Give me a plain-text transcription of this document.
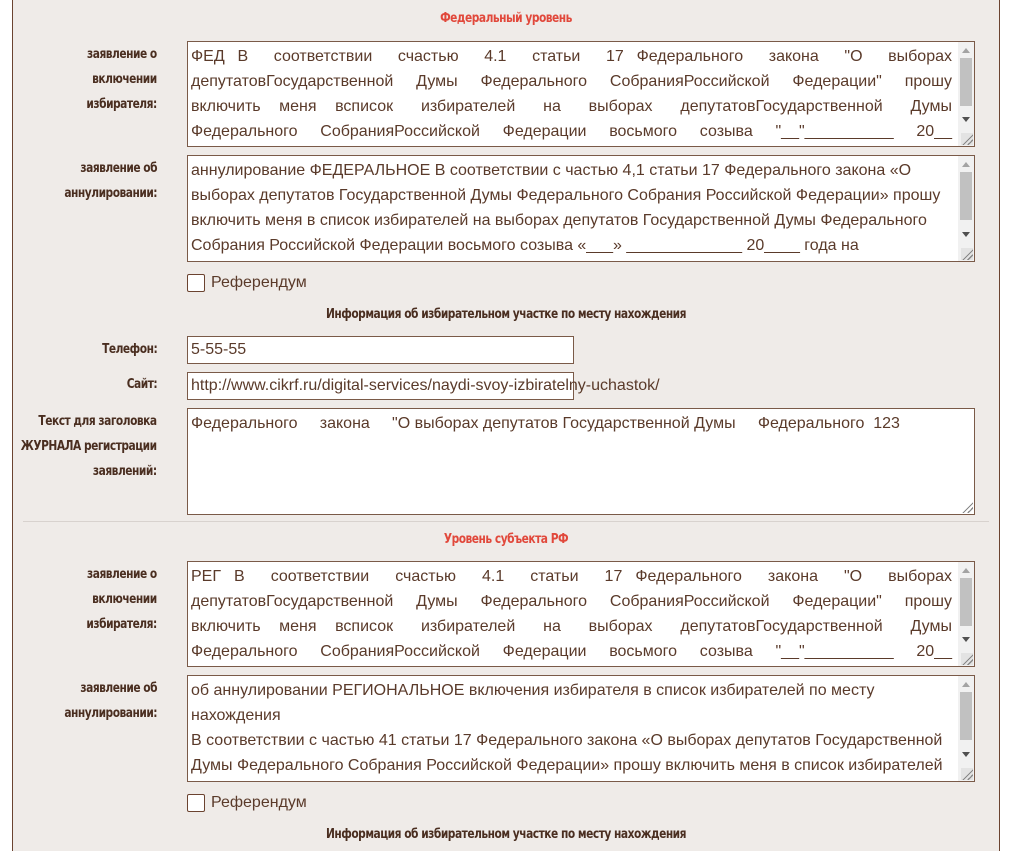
Федеральный уровень
заявление о
включении
избирателя:
ФЕД В  соответствии  счастью  4.1  статьи  17 Федерального  закона  "О  выборах депутатовГосударственной  Думы  Федерального  СобранияРоссийской  Федерации"  прошу включить  меня  всписок   избирателей   на   выборах   депутатовГосударственной   Думы Федерального  СобранияРоссийской  Федерации  восьмого  созыва  "__"__________  20__
заявление об
аннулировании:
аннулирование ФЕДЕРАЛЬНОЕ В соответствии с частью 4,1 статьи 17 Федерального закона «О выборах депутатов Государственной Думы Федерального Собрания Российской Федерации» прошу включить меня в список избирателей на выборах депутатов Государственной Думы Федерального Собрания Российской Федерации восьмого созыва «___» _____________ 20____ года на
Референдум
Информация об избирательном участке по месту нахождения
Телефон: 5-55-55
Сайт: http://www.cikrf.ru/digital-services/naydi-svoy-izbiratelny-uchastok/
Текст для заголовка
ЖУРНАЛА регистрации
заявлений:
Федерального     закона     "О выборах депутатов Государственной Думы     Федерального  123
Уровень субъекта РФ
заявление о
включении
избирателя:
РЕГ В  соответствии  счастью  4.1  статьи  17 Федерального  закона  "О  выборах депутатовГосударственной  Думы  Федерального  СобранияРоссийской  Федерации"  прошу включить  меня  всписок   избирателей   на   выборах   депутатовГосударственной   Думы Федерального  СобранияРоссийской  Федерации  восьмого  созыва  "__"__________  20__
заявление об
аннулировании:
об аннулировании РЕГИОНАЛЬНОЕ включения избирателя в список избирателей по месту нахождения
В соответствии с частью 41 статьи 17 Федерального закона «О выборах депутатов Государственной Думы Федерального Собрания Российской Федерации» прошу включить меня в список избирателей
Референдум
Информация об избирательном участке по месту нахождения
